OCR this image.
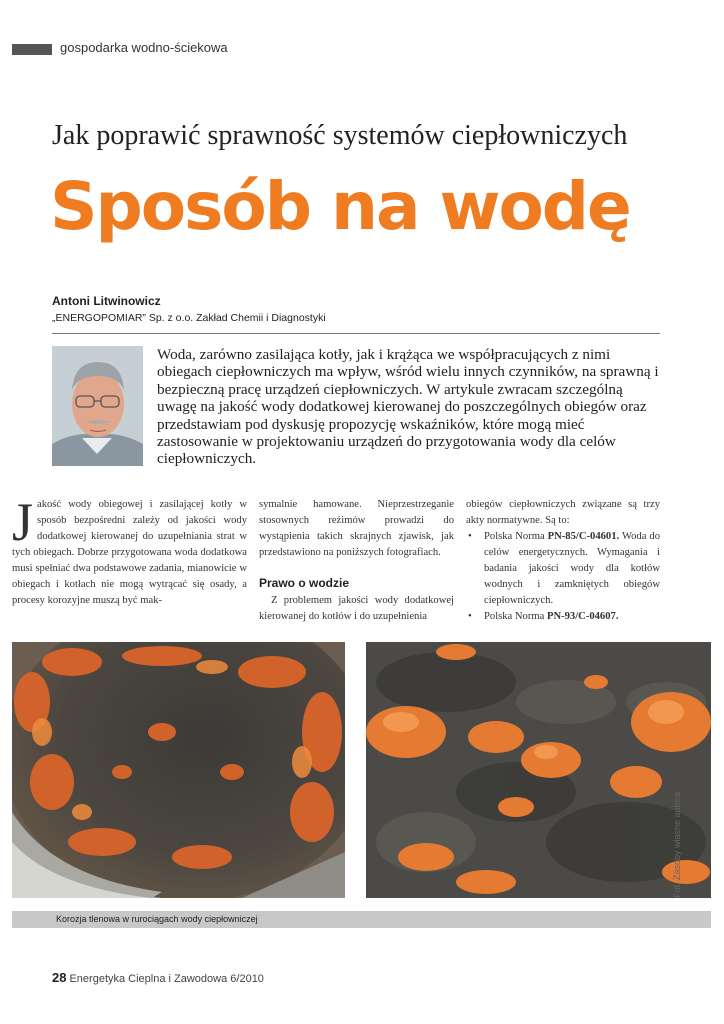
gospodarka wodno-ściekowa
Jak poprawić sprawność systemów ciepłowniczych
Sposób na wodę
Antoni Litwinowicz
„ENERGOPOMIAR” Sp. z o.o. Zakład Chemii i Diagnostyki
Woda, zarówno zasilająca kotły, jak i krążąca we współpracujących z nimi obiegach ciepłowniczych ma wpływ, wśród wielu innych czynników, na sprawną i bezpieczną pracę urządzeń ciepłowniczych. W artykule zwracam szczególną uwagę na jakość wody dodatkowej kierowanej do poszczególnych obiegów oraz przedstawiam pod dyskusję propozycję wskaźników, które mogą mieć zastosowanie w projektowaniu urządzeń do przygotowania wody dla celów ciepłowniczych.
Jakość wody obiegowej i zasilającej kotły w sposób bezpośredni zależy od jakości wody dodatkowej kierowanej do uzupełniania strat w tych obiegach. Dobrze przygotowana woda dodatkowa musi spełniać dwa podstawowe zadania, mianowicie w obiegach i kotłach nie mogą wytrącać się osady, a procesy korozyjne muszą być mak-

symalnie hamowane. Nieprzestrzeganie stosownych reżimów prowadzi do wystąpienia takich skrajnych zjawisk, jak przedstawiono na poniższych fotografiach.

Prawo o wodzie

Z problemem jakości wody dodatkowej kierowanej do kotłów i do uzupełnienia

obiegów ciepłowniczych związane są trzy akty normatywne. Są to:

• Polska Norma PN-85/C-04601. Woda do celów energetycznych. Wymagania i badania jakości wody dla kotłów wodnych i zamkniętych obiegów ciepłowniczych.
• Polska Norma PN-93/C-04607.
Fot. Zasoby własne autora
Korozja tlenowa w rurociągach wody ciepłowniczej
28 Energetyka Cieplna i Zawodowa 6/2010
